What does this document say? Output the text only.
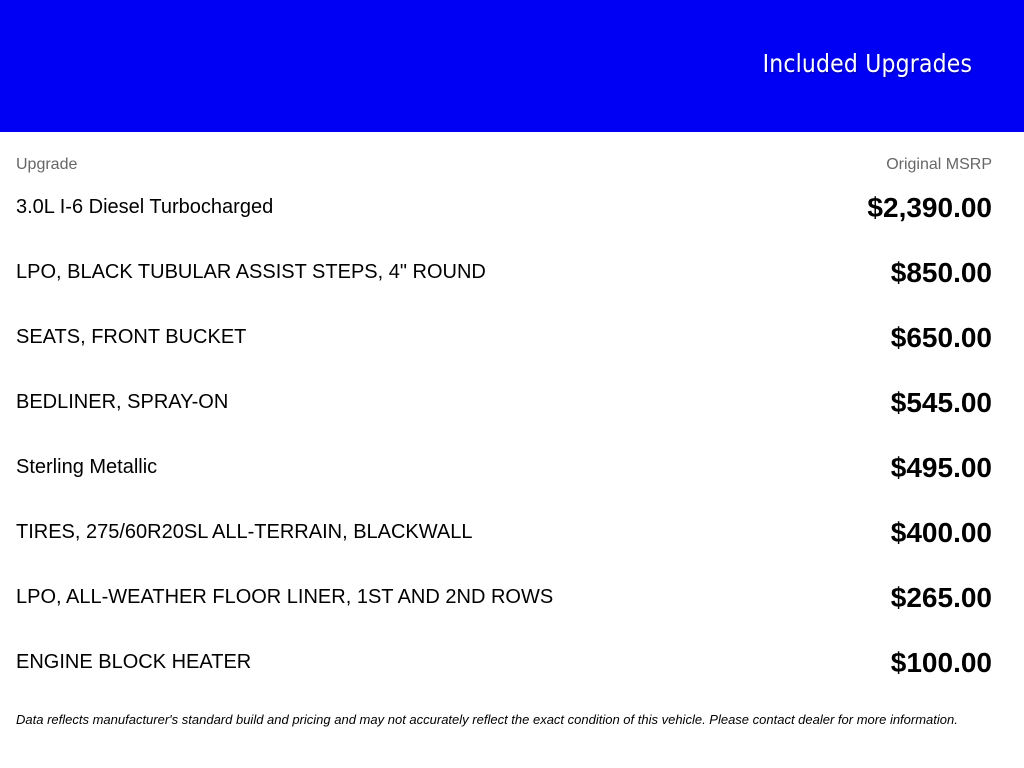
Included Upgrades
Upgrade	Original MSRP
3.0L I-6 Diesel Turbocharged	$2,390.00
LPO, BLACK TUBULAR ASSIST STEPS, 4" ROUND	$850.00
SEATS, FRONT BUCKET	$650.00
BEDLINER, SPRAY-ON	$545.00
Sterling Metallic	$495.00
TIRES, 275/60R20SL ALL-TERRAIN, BLACKWALL	$400.00
LPO, ALL-WEATHER FLOOR LINER, 1ST AND 2ND ROWS	$265.00
ENGINE BLOCK HEATER	$100.00
Data reflects manufacturer's standard build and pricing and may not accurately reflect the exact condition of this vehicle. Please contact dealer for more information.
